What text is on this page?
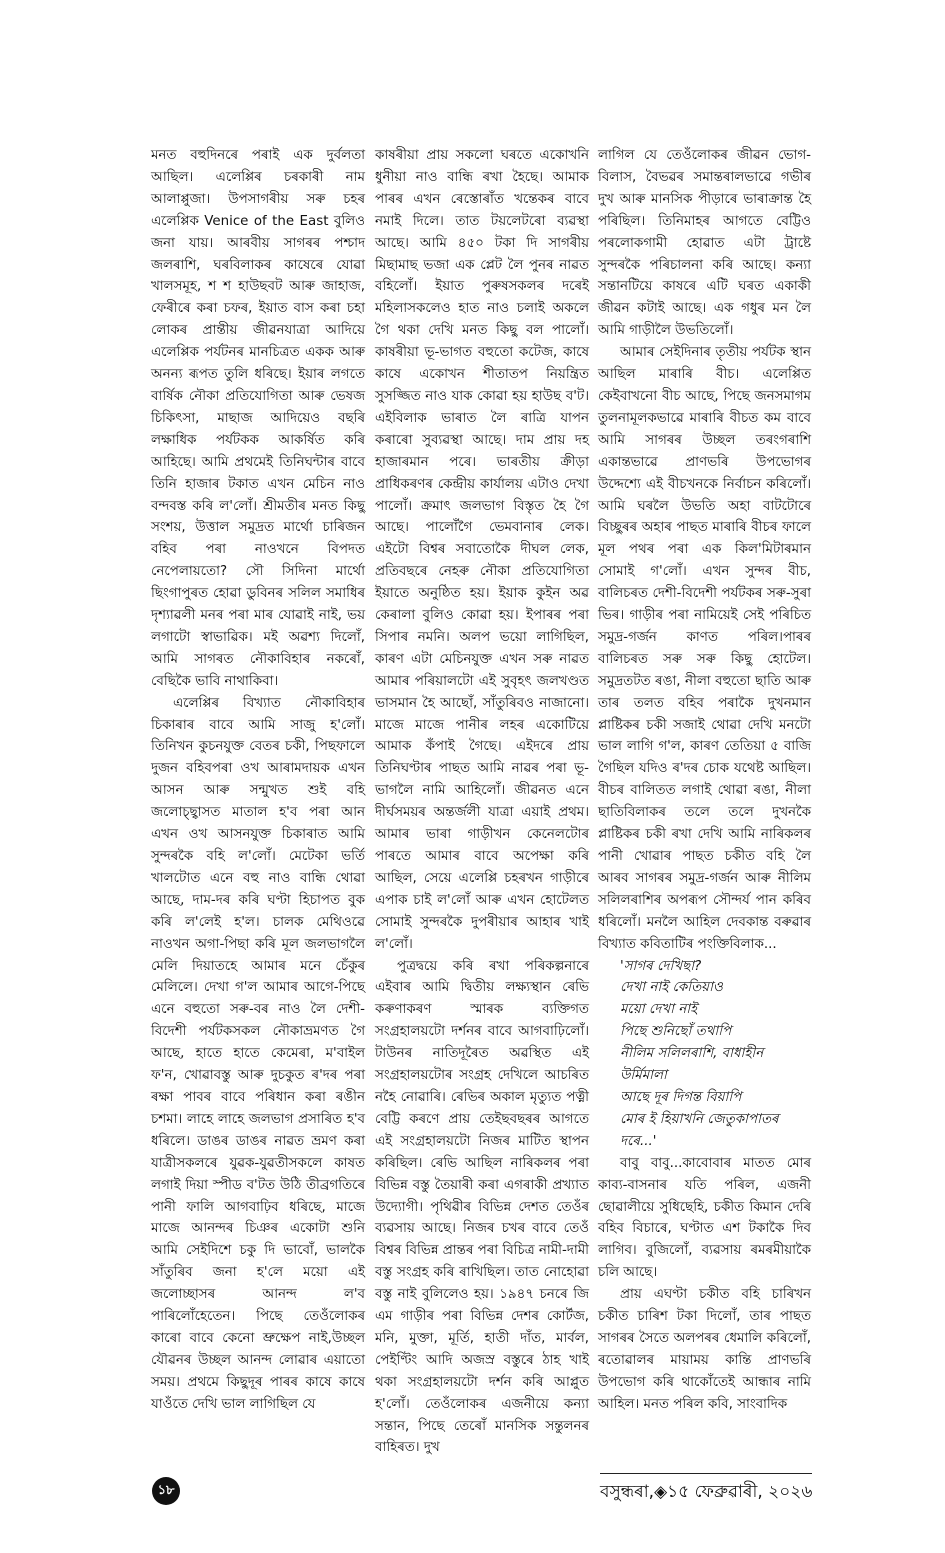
মনত বহুদিনৰে পৰাই এক দুৰ্বলতা আছিল। এলেপ্পিৰ চৰকাৰী নাম আলাপ্পুজা। উপসাগৰীয় সৰু চহৰ এলেপ্পিক Venice of the East বুলিও জনা যায়। আৰবীয় সাগৰৰ পশ্চাদ জলৰাশি, ঘৰবিলাকৰ কাষেৰে যোৱা খালসমূহ, শ শ হাউছবট আৰু জাহাজ, ফেৰীৰে কৰা চফৰ, ইয়াত বাস কৰা চহা লোকৰ প্ৰান্তীয় জীৱনযাত্ৰা আদিয়ে এলেপ্পিক পৰ্যটনৰ মানচিত্ৰত একক আৰু অনন্য ৰূপত তুলি ধৰিছে। ইয়াৰ লগতে বাৰ্ষিক নৌকা প্ৰতিযোগিতা আৰু ভেষজ চিকিৎসা, মাছাজ আদিয়েও বছৰি লক্ষাধিক পৰ্যটকক আকৰ্ষিত কৰি আহিছে। আমি প্ৰথমেই তিনিঘন্টাৰ বাবে তিনি হাজাৰ টকাত এখন মেচিন নাও বন্দবস্ত কৰি ল'লোঁ। শ্ৰীমতীৰ মনত কিছু সংশয়, উত্তাল সমুদ্ৰত মাৰ্থো চাৰিজন বহিব পৰা নাওখনে বিপদত নেপেলায়তো? সৌ সিদিনা মাৰ্থো ছিংগাপুৰত হোৱা ডুবিনৰ সলিল সমাধিৰ দৃশ্যাৱলী মনৰ পৰা মাৰ যোৱাই নাই, ভয় লগাটো স্বাভাৱিক। মই অৱশ্য দিলোঁ, আমি সাগৰত নৌকাবিহাৰ নকৰোঁ, বেছিকৈ ভাবি নাথাকিবা।

এলেপ্পিৰ বিখ্যাত নৌকাবিহাৰ চিকাৰাৰ বাবে আমি সাজু হ'লোঁ। তিনিখন কুচনযুক্ত বেতৰ চকী, পিছফালে দুজন বহিবপৰা ওখ আৰামদায়ক এখন আসন আৰু সন্মুখত শুই বহি জলোচ্ছ্বাসত মাতাল হ'ব পৰা আন এখন ওখ আসনযুক্ত চিকাৰাত আমি সুন্দৰকৈ বহি ল'লোঁ। মেটেকা ভৰ্তি খালটোত এনে বহু নাও বান্ধি থোৱা আছে, দাম-দৰ কৰি ঘণ্টা হিচাপত বুক কৰি ল'লেই হ'ল। চালক মেথিওৱে নাওখন অগা-পিছা কৰি মূল জলভাগলৈ মেলি দিয়াতহে আমাৰ মনে চেঁকুৰ মেলিলে। দেখা গ'ল আমাৰ আগে-পিছে এনে বহুতো সৰু-বৰ নাও লৈ দেশী- বিদেশী পৰ্যটকসকল নৌকাভ্ৰমণত গৈ আছে, হাতে হাতে কেমেৰা, ম'বাইল ফ'ন, খোৱাবস্তু আৰু দুচকুত ৰ'দৰ পৰা ৰক্ষা পাবৰ বাবে পৰিধান কৰা ৰঙীন চশমা। লাহে লাহে জলভাগ প্ৰসাৰিত হ'ব ধৰিলে। ডাঙৰ ডাঙৰ নাৱত ভ্ৰমণ কৰা যাত্ৰীসকলৰে যুৱক-যুৱতীসকলে কাষত লগাই দিয়া স্পীড ব'টত উঠি তীব্ৰগতিৰে পানী ফালি আগবাঢ়িব ধৰিছে, মাজে মাজে আনন্দৰ চিঞৰ একোটা শুনি আমি সেইদিশে চকু দি ভাবোঁ, ভালকৈ সাঁতুৰিব জনা হ'লে ময়ো এই জলোচ্ছাসৰ আনন্দ ল'ব পাৰিলোঁহেতেন। পিছে তেওঁলোকৰ কাৰো বাবে কেনো ভ্ৰুক্ষেপ নাই,উচ্ছল যৌৱনৰ উচ্ছল আনন্দ লোৱাৰ এয়াতো সময়। প্ৰথমে কিছুদূৰ পাৰৰ কাষে কাষে যাওঁতে দেখি ভাল লাগিছিল যে

কাষৰীয়া প্ৰায় সকলো ঘৰতে একোখনি ধুনীয়া নাও বান্ধি ৰখা হৈছে। আমাক পাৰৰ এখন ৰেস্তোৰাঁত খন্তেকৰ বাবে নমাই দিলে। তাত টয়লেটৰো ব্যৱস্থা আছে। আমি ৪৫০ টকা দি সাগৰীয় মিছামাছ ভজা এক প্লেট লৈ পুনৰ নাৱত বহিলোঁ। ইয়াত পুৰুষসকলৰ দৰেই মহিলাসকলেও হাত নাও চলাই অকলে গৈ থকা দেখি মনত কিছু বল পালোঁ। কাষৰীয়া ভূ-ভাগত বহুতো কটেজ, কাষে কাষে একোখন শীতাতপ নিয়ন্ত্ৰিত সুসজ্জিত নাও যাক কোৱা হয় হাউছ ব'ট। এইবিলাক ভাৰাত লৈ ৰাত্ৰি যাপন কৰাৰো সুব্যৱস্থা আছে। দাম প্ৰায় দহ হাজাৰমান পৰে। ভাৰতীয় ক্ৰীড়া প্ৰাধিকৰণৰ কেন্দ্ৰীয় কাৰ্যালয় এটাও দেখা পালোঁ। ক্ৰমাৎ জলভাগ বিস্তৃত হৈ গৈ আছে। পালোঁগৈ ভেমবানাৰ লেক। এইটো বিশ্বৰ সবাতোকৈ দীঘল লেক, প্ৰতিবছৰে নেহৰু নৌকা প্ৰতিযোগিতা ইয়াতে অনুষ্ঠিত হয়। ইয়াক কুইন অৱ কেৰালা বুলিও কোৱা হয়। ইপাৰৰ পৰা সিপাৰ নমনি। অলপ ভয়ো লাগিছিল, কাৰণ এটা মেচিনযুক্ত এখন সৰু নাৱত আমাৰ পৰিয়ালটো এই সুবৃহৎ জলখণ্ডত ভাসমান হৈ আছোঁ, সাঁতুৰিবও নাজানো। মাজে মাজে পানীৰ লহৰ একোটিয়ে আমাক কঁপাই গৈছে। এইদৰে প্ৰায় তিনিঘণ্টাৰ পাছত আমি নাৱৰ পৰা ভূ-ভাগলৈ নামি আহিলোঁ। জীৱনত এনে দীৰ্ঘসময়ৰ অন্তৰ্জলী যাত্ৰা এয়াই প্ৰথম। আমাৰ ভাৰা গাড়ীখন কেনেলটোৰ পাৰতে আমাৰ বাবে অপেক্ষা কৰি আছিল, সেয়ে এলেপ্পি চহৰখন গাড়ীৰে এপাক চাই ল'লোঁ আৰু এখন হোটেলত সোমাই সুন্দৰকৈ দুপৰীয়াৰ আহাৰ খাই ল'লোঁ।

পুত্ৰদ্বয়ে কৰি ৰখা পৰিকল্পনাৰে এইবাৰ আমি দ্বিতীয় লক্ষ্যস্থান ৰেভি কৰুণাকৰণ স্মাৰক ব্যক্তিগত সংগ্ৰহালয়টো দৰ্শনৰ বাবে আগবাঢ়িলোঁ। টাউনৰ নাতিদূৰৈত অৱস্থিত এই সংগ্ৰহালয়টোৰ সংগ্ৰহ দেখিলে আচৰিত নহৈ নোৱাৰি। ৰেভিৰ অকাল মৃত্যুত পত্নী বেট্টি কৰণে প্ৰায় তেইছবছৰৰ আগতে এই সংগ্ৰহালয়টো নিজৰ মাটিত স্থাপন কৰিছিল। ৰেভি আছিল নাৰিকলৰ পৰা বিভিন্ন বস্তু তৈয়াৰী কৰা এগৰাকী প্ৰখ্যাত উদ্যোগী। পৃথিৱীৰ বিভিন্ন দেশত তেওঁৰ ব্যৱসায় আছে। নিজৰ চখৰ বাবে তেওঁ বিশ্বৰ বিভিন্ন প্ৰান্তৰ পৰা বিচিত্ৰ নামী-দামী বস্তু সংগ্ৰহ কৰি ৰাখিছিল। তাত নোহোৱা বস্তু নাই বুলিলেও হয়। ১৯৪৭ চনৰে জি এম গাড়ীৰ পৰা বিভিন্ন দেশৰ কোৰ্টজ, মনি, মুক্তা, মূৰ্তি, হাতী দাঁত, মাৰ্বল, পেইণ্টিং আদি অজস্ৰ বস্তুৰে ঠাহ খাই থকা সংগ্ৰহালয়টো দৰ্শন কৰি আপ্লুত হ'লোঁ। তেওঁলোকৰ এজনীয়ে কন্যা সন্তান, পিছে তেৰোঁ মানসিক সন্তুলনৰ বাহিৰত। দুখ

লাগিল যে তেওঁলোকৰ জীৱন ভোগ-বিলাস, বৈভৱৰ সমান্তৰালভাৱে গভীৰ দুখ আৰু মানসিক পীড়াৰে ভাৰাক্ৰান্ত হৈ পৰিছিল। তিনিমাহৰ আগতে বেট্টিও পৰলোকগামী হোৱাত এটা ট্ৰাষ্টে সুন্দৰকৈ পৰিচালনা কৰি আছে। কন্যা সন্তানটিয়ে কাষৰে এটি ঘৰত একাকী জীৱন কটাই আছে। এক গধুৰ মন লৈ আমি গাড়ীলৈ উভতিলোঁ।

আমাৰ সেইদিনাৰ তৃতীয় পৰ্যটক স্থান আছিল মাৰাৰি বীচ। এলেপ্পিত কেইবাখনো বীচ আছে, পিছে জনসমাগম তুলনামূলকভাৱে মাৰাৰি বীচত কম বাবে আমি সাগৰৰ উচ্ছল তৰংগৰাশি একান্তভাৱে প্ৰাণভৰি উপভোগৰ উদ্দেশ্যে এই বীচখনকে নিৰ্বাচন কৰিলোঁ। আমি ঘৰলৈ উভতি অহা বাটটোৰে বিচ্ছুৰৰ অহাৰ পাছত মাৰাৰি বীচৰ ফালে মূল পথৰ পৰা এক কিল'মিটাৰমান সোমাই গ'লোঁ। এখন সুন্দৰ বীচ, বালিচৰত দেশী-বিদেশী পৰ্যটকৰ সৰু-সুৰা ভিৰ। গাড়ীৰ পৰা নামিয়েই সেই পৰিচিত সমুদ্ৰ-গৰ্জন কাণত পৰিল।পাৰৰ বালিচৰত সৰু সৰু কিছু হোটেল। সমুদ্ৰতটত ৰঙা, নীলা বহুতো ছাতি আৰু তাৰ তলত বহিব পৰাকৈ দুখনমান প্লাষ্টিকৰ চকী সজাই থোৱা দেখি মনটো ভাল লাগি গ'ল, কাৰণ তেতিয়া ৫ বাজি গৈছিল যদিও ৰ'দৰ চোক যথেষ্ট আছিল। বীচৰ বালিতত লগাই থোৱা ৰঙা, নীলা ছাতিবিলাকৰ তলে তলে দুখনকৈ প্লাষ্টিকৰ চকী ৰখা দেখি আমি নাৰিকলৰ পানী খোৱাৰ পাছত চকীত বহি লৈ আৰব সাগৰৰ সমুদ্ৰ-গৰ্জন আৰু নীলিম সলিলৰাশিৰ অপৰূপ সৌন্দৰ্য পান কৰিব ধৰিলোঁ। মনলৈ আহিল দেবকান্ত বৰুৱাৰ বিখ্যাত কবিতাটিৰ পংক্তিবিলাক...

'সাগৰ দেখিছা?
দেখা নাই কেতিয়াও
ময়ো দেখা নাই
পিছে শুনিছোঁ তথাপি
নীলিম সলিলৰাশি, বাধাহীন উৰ্মিমালা
আছে দূৰ দিগন্ত বিয়াপি
মোৰ ই হিয়াখনি জেতুকাপাতৰ দৰে...'

বাবু বাবু...কাবোবাৰ মাতত মোৰ কাব্য-বাসনাৰ যতি পৰিল, এজনী ছোৱালীয়ে সুধিছেহি, চকীত কিমান দেৰি বহিব বিচাৰে, ঘণ্টাত এশ টকাকৈ দিব লাগিব। বুজিলোঁ, ব্যৱসায় ৰমৰমীয়াকৈ চলি আছে।

প্ৰায় এঘণ্টা চকীত বহি চাৰিখন চকীত চাৰিশ টকা দিলোঁ, তাৰ পাছত সাগৰৰ সৈতে অলপৰৰ ধেমালি কৰিলোঁ, ৰতোৱালৰ মায়াময় কান্তি প্ৰাণভৰি উপভোগ কৰি থাকোঁতেই আন্ধাৰ নামি আহিল। মনত পৰিল কবি, সাংবাদিক

১৮	বসুন্ধৰা,◈১৫ ফেব্ৰুৱাৰী, ২০২৬
